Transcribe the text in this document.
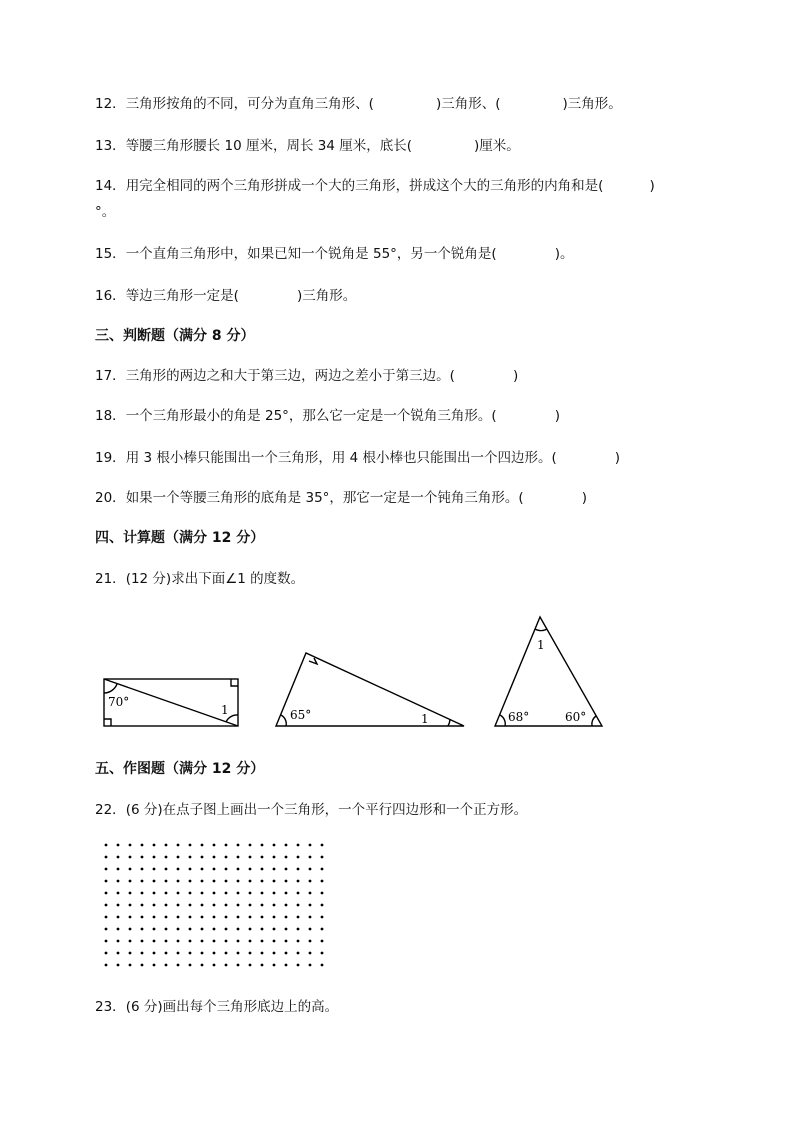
12．三角形按角的不同，可分为直角三角形、(	)三角形、(	)三角形。
13．等腰三角形腰长 10 厘米，周长 34 厘米，底长(	)厘米。
14．用完全相同的两个三角形拼成一个大的三角形，拼成这个大的三角形的内角和是(	)
°。
15．一个直角三角形中，如果已知一个锐角是 55°，另一个锐角是(	)。
16．等边三角形一定是(	)三角形。
三、判断题（满分 8 分）
17．三角形的两边之和大于第三边，两边之差小于第三边。(	)
18．一个三角形最小的角是 25°，那么它一定是一个锐角三角形。(	)
19．用 3 根小棒只能围出一个三角形，用 4 根小棒也只能围出一个四边形。(	)
20．如果一个等腰三角形的底角是 35°，那它一定是一个钝角三角形。(	)
四、计算题（满分 12 分）
21．(12 分)求出下面∠1 的度数。
70°
1	65°	1
1
68°	60°
五、作图题（满分 12 分）
22．(6 分)在点子图上画出一个三角形，一个平行四边形和一个正方形。
23．(6 分)画出每个三角形底边上的高。
